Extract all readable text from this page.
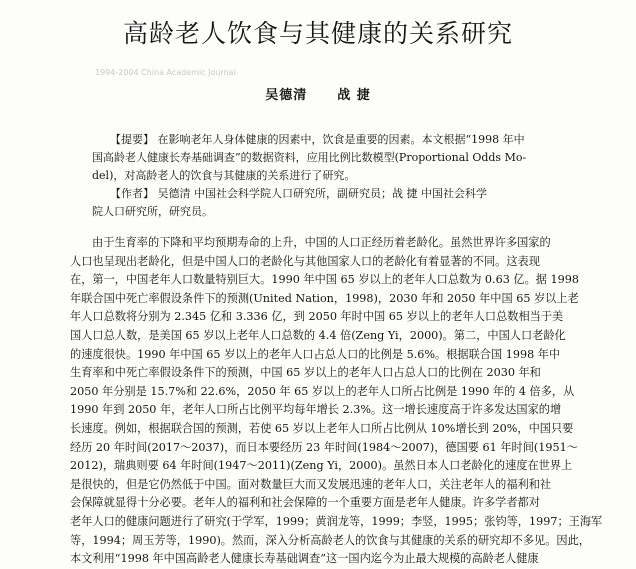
高龄老人饮食与其健康的关系研究
1994-2004 China Academic Journal
吴德清 战 捷
【提要】 在影响老年人身体健康的因素中，饮食是重要的因素。本文根据“1998 年中
国高龄老人健康长寿基础调查”的数据资料，应用比例比数模型(Proportional Odds Mo-
del)，对高龄老人的饮食与其健康的关系进行了研究。
【作者】 吴德清 中国社会科学院人口研究所，副研究员；战 捷 中国社会科学
院人口研究所，研究员。
由于生育率的下降和平均预期寿命的上升，中国的人口正经历着老龄化。虽然世界许多国家的
人口也呈现出老龄化，但是中国人口的老龄化与其他国家人口的老龄化有着显著的不同。这表现
在，第一，中国老年人口数量特别巨大。1990 年中国 65 岁以上的老年人口总数为 0.63 亿。据 1998
年联合国中死亡率假设条件下的预测(United Nation，1998)，2030 年和 2050 年中国 65 岁以上老
年人口总数将分别为 2.345 亿和 3.336 亿，到 2050 年时中国 65 岁以上的老年人口总数相当于美
国人口总人数，是美国 65 岁以上老年人口总数的 4.4 倍(Zeng Yi，2000)。第二，中国人口老龄化
的速度很快。1990 年中国 65 岁以上的老年人口占总人口的比例是 5.6%。根据联合国 1998 年中
生育率和中死亡率假设条件下的预测，中国 65 岁以上的老年人口占总人口的比例在 2030 年和
2050 年分别是 15.7%和 22.6%，2050 年 65 岁以上的老年人口所占比例是 1990 年的 4 倍多，从
1990 年到 2050 年，老年人口所占比例平均每年增长 2.3%。这一增长速度高于许多发达国家的增
长速度。例如，根据联合国的预测，若使 65 岁以上老年人口所占比例从 10%增长到 20%，中国只要
经历 20 年时间(2017～2037)，而日本要经历 23 年时间(1984～2007)，德国要 61 年时间(1951～
2012)，瑞典则要 64 年时间(1947～2011)(Zeng Yi，2000)。虽然日本人口老龄化的速度在世界上
是很快的，但是它仍然低于中国。面对数量巨大而又发展迅速的老年人口，关注老年人的福利和社
会保障就显得十分必要。老年人的福利和社会保障的一个重要方面是老年人健康。许多学者都对
老年人口的健康问题进行了研究(于学军，1999；黄润龙等，1999；李竖，1995；张钧等，1997；王海军
等，1994；周玉芳等，1990)。然而，深入分析高龄老人的饮食与其健康的关系的研究却不多见。因此，
本文利用“1998 年中国高龄老人健康长寿基础调查”这一国内迄今为止最大规模的高龄老人健康
